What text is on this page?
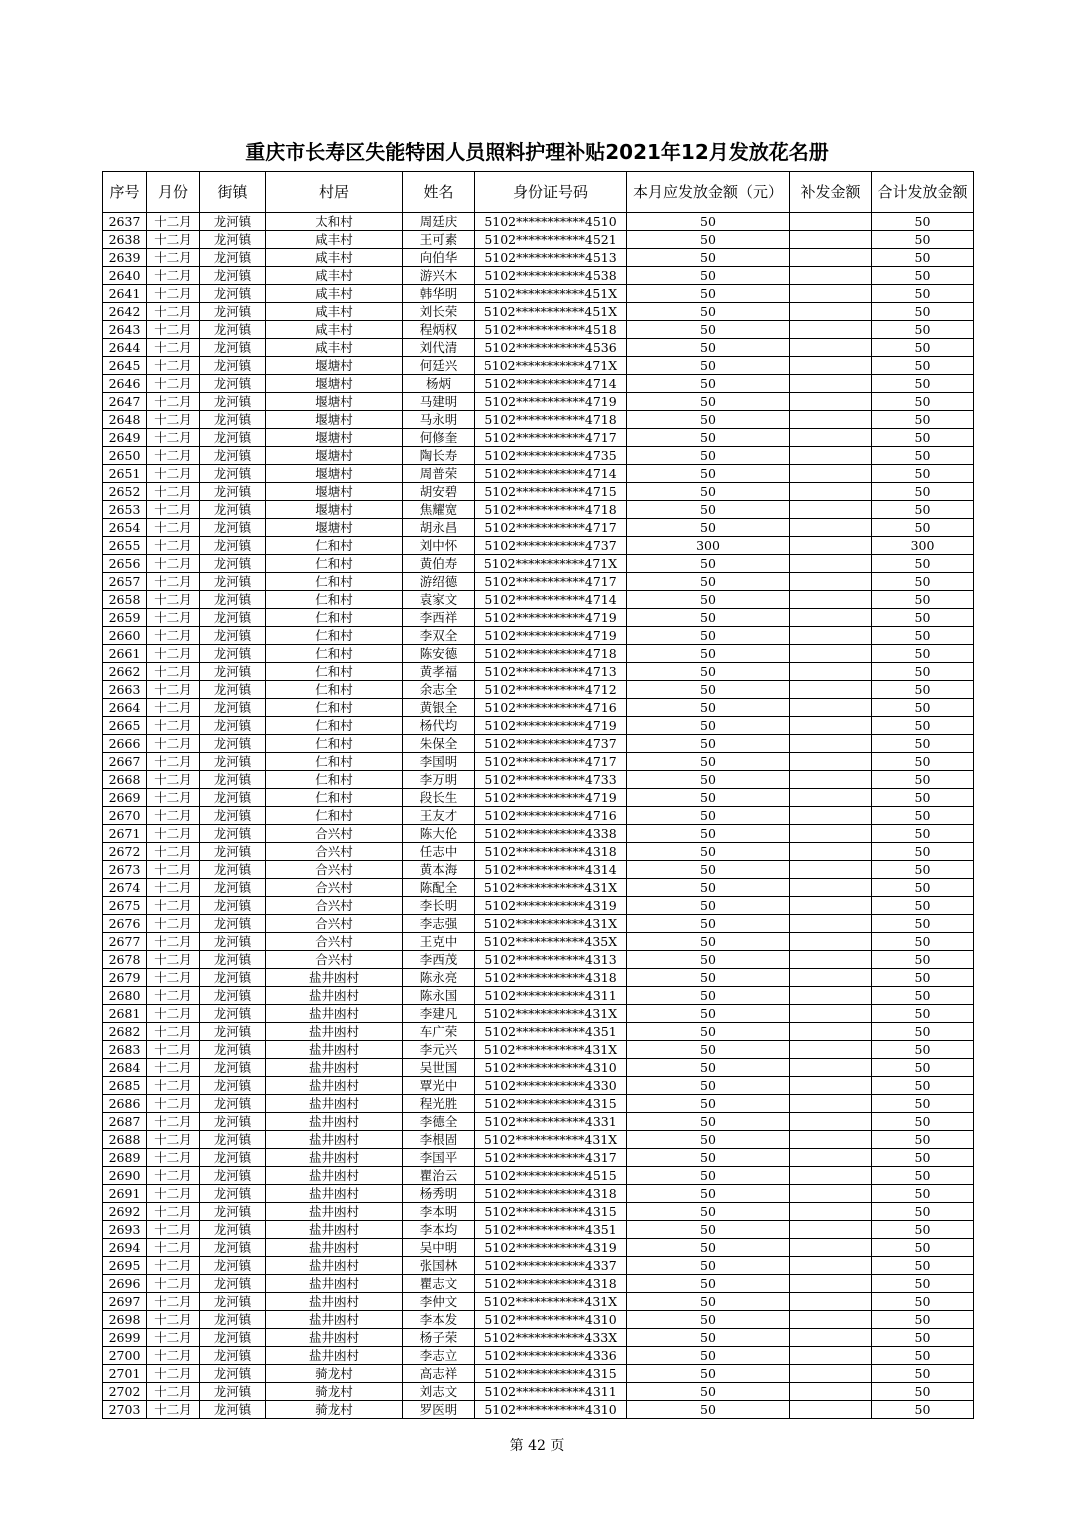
重庆市长寿区失能特困人员照料护理补贴2021年12月发放花名册
序号	月份	街镇	村居	姓名	身份证号码	本月应发放金额（元）	补发金额	合计发放金额
2637	十二月	龙河镇	太和村	周廷庆	5102***********4510	50		50
2638	十二月	龙河镇	咸丰村	王可素	5102***********4521	50		50
2639	十二月	龙河镇	咸丰村	向伯华	5102***********4513	50		50
2640	十二月	龙河镇	咸丰村	游兴木	5102***********4538	50		50
2641	十二月	龙河镇	咸丰村	韩华明	5102***********451X	50		50
2642	十二月	龙河镇	咸丰村	刘长荣	5102***********451X	50		50
2643	十二月	龙河镇	咸丰村	程炳权	5102***********4518	50		50
2644	十二月	龙河镇	咸丰村	刘代清	5102***********4536	50		50
2645	十二月	龙河镇	堰塘村	何廷兴	5102***********471X	50		50
2646	十二月	龙河镇	堰塘村	杨炳	5102***********4714	50		50
2647	十二月	龙河镇	堰塘村	马建明	5102***********4719	50		50
2648	十二月	龙河镇	堰塘村	马永明	5102***********4718	50		50
2649	十二月	龙河镇	堰塘村	何修奎	5102***********4717	50		50
2650	十二月	龙河镇	堰塘村	陶长寿	5102***********4735	50		50
2651	十二月	龙河镇	堰塘村	周普荣	5102***********4714	50		50
2652	十二月	龙河镇	堰塘村	胡安碧	5102***********4715	50		50
2653	十二月	龙河镇	堰塘村	焦耀宽	5102***********4718	50		50
2654	十二月	龙河镇	堰塘村	胡永昌	5102***********4717	50		50
2655	十二月	龙河镇	仁和村	刘中怀	5102***********4737	300		300
2656	十二月	龙河镇	仁和村	黄伯寿	5102***********471X	50		50
2657	十二月	龙河镇	仁和村	游绍德	5102***********4717	50		50
2658	十二月	龙河镇	仁和村	袁家文	5102***********4714	50		50
2659	十二月	龙河镇	仁和村	李西祥	5102***********4719	50		50
2660	十二月	龙河镇	仁和村	李双全	5102***********4719	50		50
2661	十二月	龙河镇	仁和村	陈安德	5102***********4718	50		50
2662	十二月	龙河镇	仁和村	黄孝福	5102***********4713	50		50
2663	十二月	龙河镇	仁和村	余志全	5102***********4712	50		50
2664	十二月	龙河镇	仁和村	黄银全	5102***********4716	50		50
2665	十二月	龙河镇	仁和村	杨代均	5102***********4719	50		50
2666	十二月	龙河镇	仁和村	朱保全	5102***********4737	50		50
2667	十二月	龙河镇	仁和村	李国明	5102***********4717	50		50
2668	十二月	龙河镇	仁和村	李万明	5102***********4733	50		50
2669	十二月	龙河镇	仁和村	段长生	5102***********4719	50		50
2670	十二月	龙河镇	仁和村	王友才	5102***********4716	50		50
2671	十二月	龙河镇	合兴村	陈大伦	5102***********4338	50		50
2672	十二月	龙河镇	合兴村	任志中	5102***********4318	50		50
2673	十二月	龙河镇	合兴村	黄本海	5102***********4314	50		50
2674	十二月	龙河镇	合兴村	陈配全	5102***********431X	50		50
2675	十二月	龙河镇	合兴村	李长明	5102***********4319	50		50
2676	十二月	龙河镇	合兴村	李志强	5102***********431X	50		50
2677	十二月	龙河镇	合兴村	王克中	5102***********435X	50		50
2678	十二月	龙河镇	合兴村	李西茂	5102***********4313	50		50
2679	十二月	龙河镇	盐井凼村	陈永亮	5102***********4318	50		50
2680	十二月	龙河镇	盐井凼村	陈永国	5102***********4311	50		50
2681	十二月	龙河镇	盐井凼村	李建凡	5102***********431X	50		50
2682	十二月	龙河镇	盐井凼村	车广荣	5102***********4351	50		50
2683	十二月	龙河镇	盐井凼村	李元兴	5102***********431X	50		50
2684	十二月	龙河镇	盐井凼村	吴世国	5102***********4310	50		50
2685	十二月	龙河镇	盐井凼村	覃光中	5102***********4330	50		50
2686	十二月	龙河镇	盐井凼村	程光胜	5102***********4315	50		50
2687	十二月	龙河镇	盐井凼村	李德全	5102***********4331	50		50
2688	十二月	龙河镇	盐井凼村	李根固	5102***********431X	50		50
2689	十二月	龙河镇	盐井凼村	李国平	5102***********4317	50		50
2690	十二月	龙河镇	盐井凼村	瞿治云	5102***********4515	50		50
2691	十二月	龙河镇	盐井凼村	杨秀明	5102***********4318	50		50
2692	十二月	龙河镇	盐井凼村	李本明	5102***********4315	50		50
2693	十二月	龙河镇	盐井凼村	李本均	5102***********4351	50		50
2694	十二月	龙河镇	盐井凼村	吴中明	5102***********4319	50		50
2695	十二月	龙河镇	盐井凼村	张国林	5102***********4337	50		50
2696	十二月	龙河镇	盐井凼村	瞿志文	5102***********4318	50		50
2697	十二月	龙河镇	盐井凼村	李仲文	5102***********431X	50		50
2698	十二月	龙河镇	盐井凼村	李本发	5102***********4310	50		50
2699	十二月	龙河镇	盐井凼村	杨子荣	5102***********433X	50		50
2700	十二月	龙河镇	盐井凼村	李志立	5102***********4336	50		50
2701	十二月	龙河镇	骑龙村	高志祥	5102***********4315	50		50
2702	十二月	龙河镇	骑龙村	刘志文	5102***********4311	50		50
2703	十二月	龙河镇	骑龙村	罗医明	5102***********4310	50		50
第 42 页
